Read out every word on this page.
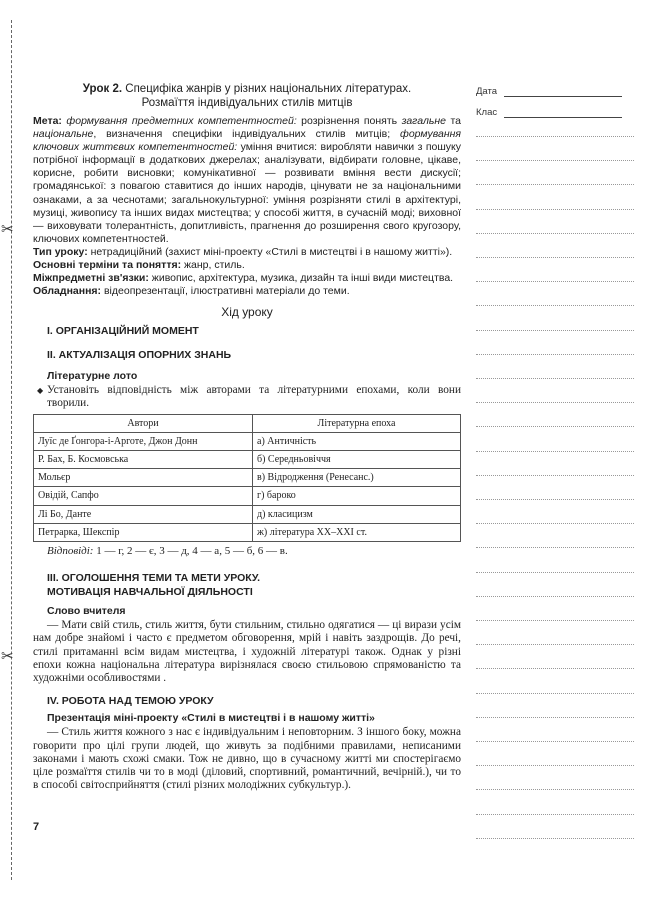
✂
✂
Дата
Клас
Урок 2. Специфіка жанрів у різних національних літературах.
Розмаїття індивідуальних стилів митців

Мета: формування предметних компетентностей: розрізнення понять загальне та національне, визначення специфіки індивідуальних стилів митців; формування ключових життєвих компетентностей: уміння вчитися: виробляти навички з пошуку потрібної інформації в додаткових джерелах; аналізувати, відбирати головне, цікаве, корисне, робити висновки; комунікативної — розвивати вміння вести дискусії; громадянської: з повагою ставитися до інших народів, цінувати не за національними ознаками, а за чеснотами; загальнокультурної: уміння розрізняти стилі в архітектурі, музиці, живопису та інших видах мистецтва; у способі життя, в сучасній моді; виховної — виховувати толерантність, допитливість, прагнення до розширення свого кругозору, ключових компетентностей.

Тип уроку: нетрадиційний (захист міні-проекту «Стилі в мистецтві і в нашому житті»).

Основні терміни та поняття: жанр, стиль.

Міжпредметні зв'язки: живопис, архітектура, музика, дизайн та інші види мистецтва.

Обладнання: відеопрезентації, ілюстративні матеріали до теми.

Хід уроку
І. ОРГАНІЗАЦІЙНИЙ МОМЕНТ
ІІ. АКТУАЛІЗАЦІЯ ОПОРНИХ ЗНАНЬ
Літературне лото
◆ Установіть відповідність між авторами та літературними епохами, коли вони творили.
Автори	Літературна епоха
Луїс де Ґонгора-і-Арготе, Джон Донн	а) Античність
Р. Бах, Б. Космовська	б) Середньовіччя
Мольєр	в) Відродження (Ренесанс.)
Овідій, Сапфо	г) бароко
Лі Бо, Данте	д) класицизм
Петрарка, Шекспір	ж) література ХХ–ХХІ ст.

Відповіді: 1 — г, 2 — є, 3 — д, 4 — а, 5 — б, 6 — в.

ІІІ. ОГОЛОШЕННЯ ТЕМИ ТА МЕТИ УРОКУ.
МОТИВАЦІЯ НАВЧАЛЬНОЇ ДІЯЛЬНОСТІ
Слово вчителя

— Мати свій стиль, стиль життя, бути стильним, стильно одягатися — ці вирази усім нам добре знайомі і часто є предметом обговорення, мрій і навіть заздрощів. До речі, стилі притаманні всім видам мистецтва, і художній літературі також. Однак у різні епохи кожна національна література вирізнялася своєю стильовою спрямованістю та художніми особливостями .

ІV. РОБОТА НАД ТЕМОЮ УРОКУ
Презентація міні-проекту «Стилі в мистецтві і в нашому житті»

— Стиль життя кожного з нас є індивідуальним і неповторним. З іншого боку, можна говорити про цілі групи людей, що живуть за подібними правилами, неписаними законами і мають схожі смаки. Тож не дивно, що в сучасному житті ми спостерігаємо ціле розмаїття стилів чи то в моді (діловий, спортивний, романтичний, вечірній.), чи то в способі світосприйняття (стилі різних молодіжних субкультур.).

7
